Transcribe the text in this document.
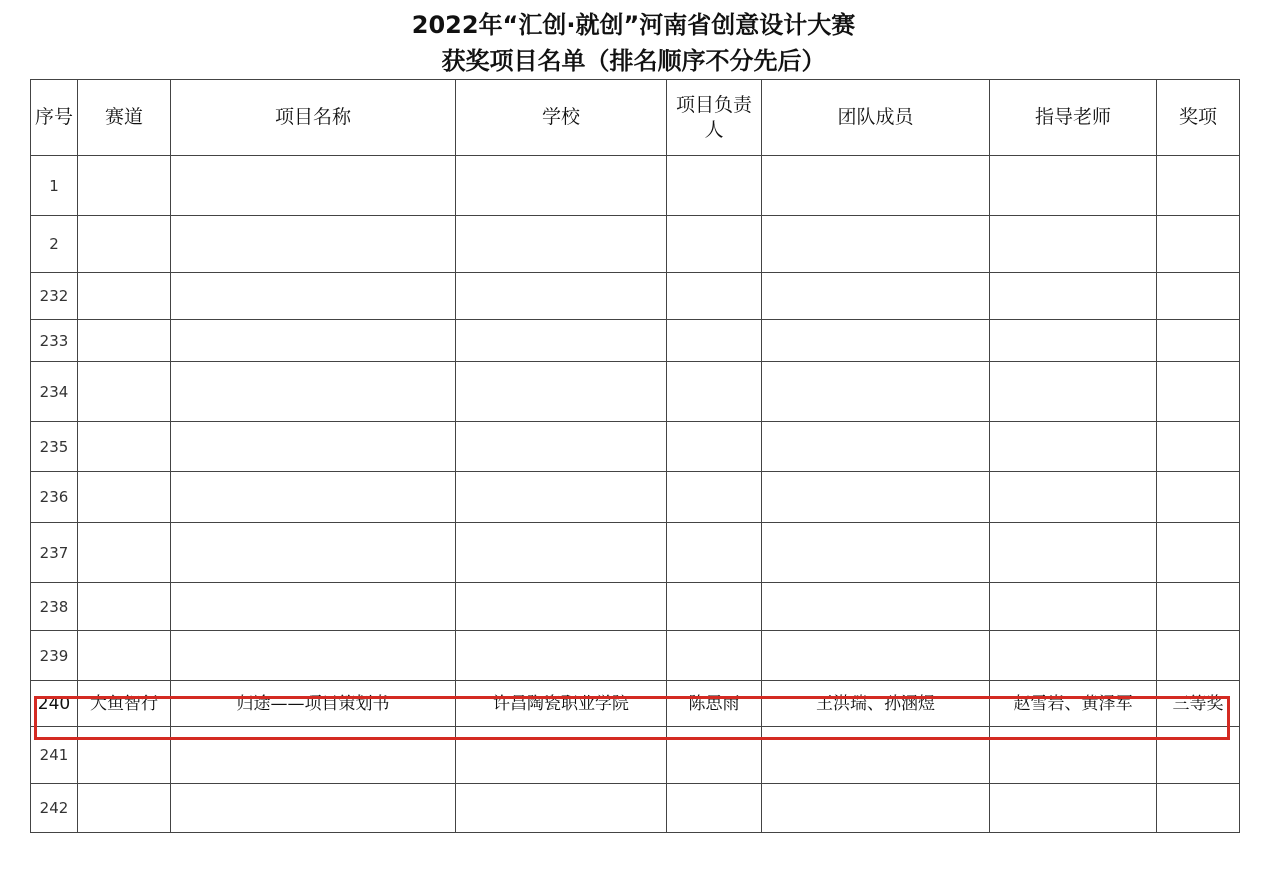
2022年“汇创·就创”河南省创意设计大赛
获奖项目名单（排名顺序不分先后）
序号	赛道	项目名称	学校	项目负责人	团队成员	指导老师	奖项
1							
2							
232							
233							
234							
235							
236							
237							
238							
239							
240	大鱼智行	归途——项目策划书	许昌陶瓷职业学院	陈思雨	王洪瑞、孙涵煜	赵雪岩、黄泽军	三等奖
241							
242							
